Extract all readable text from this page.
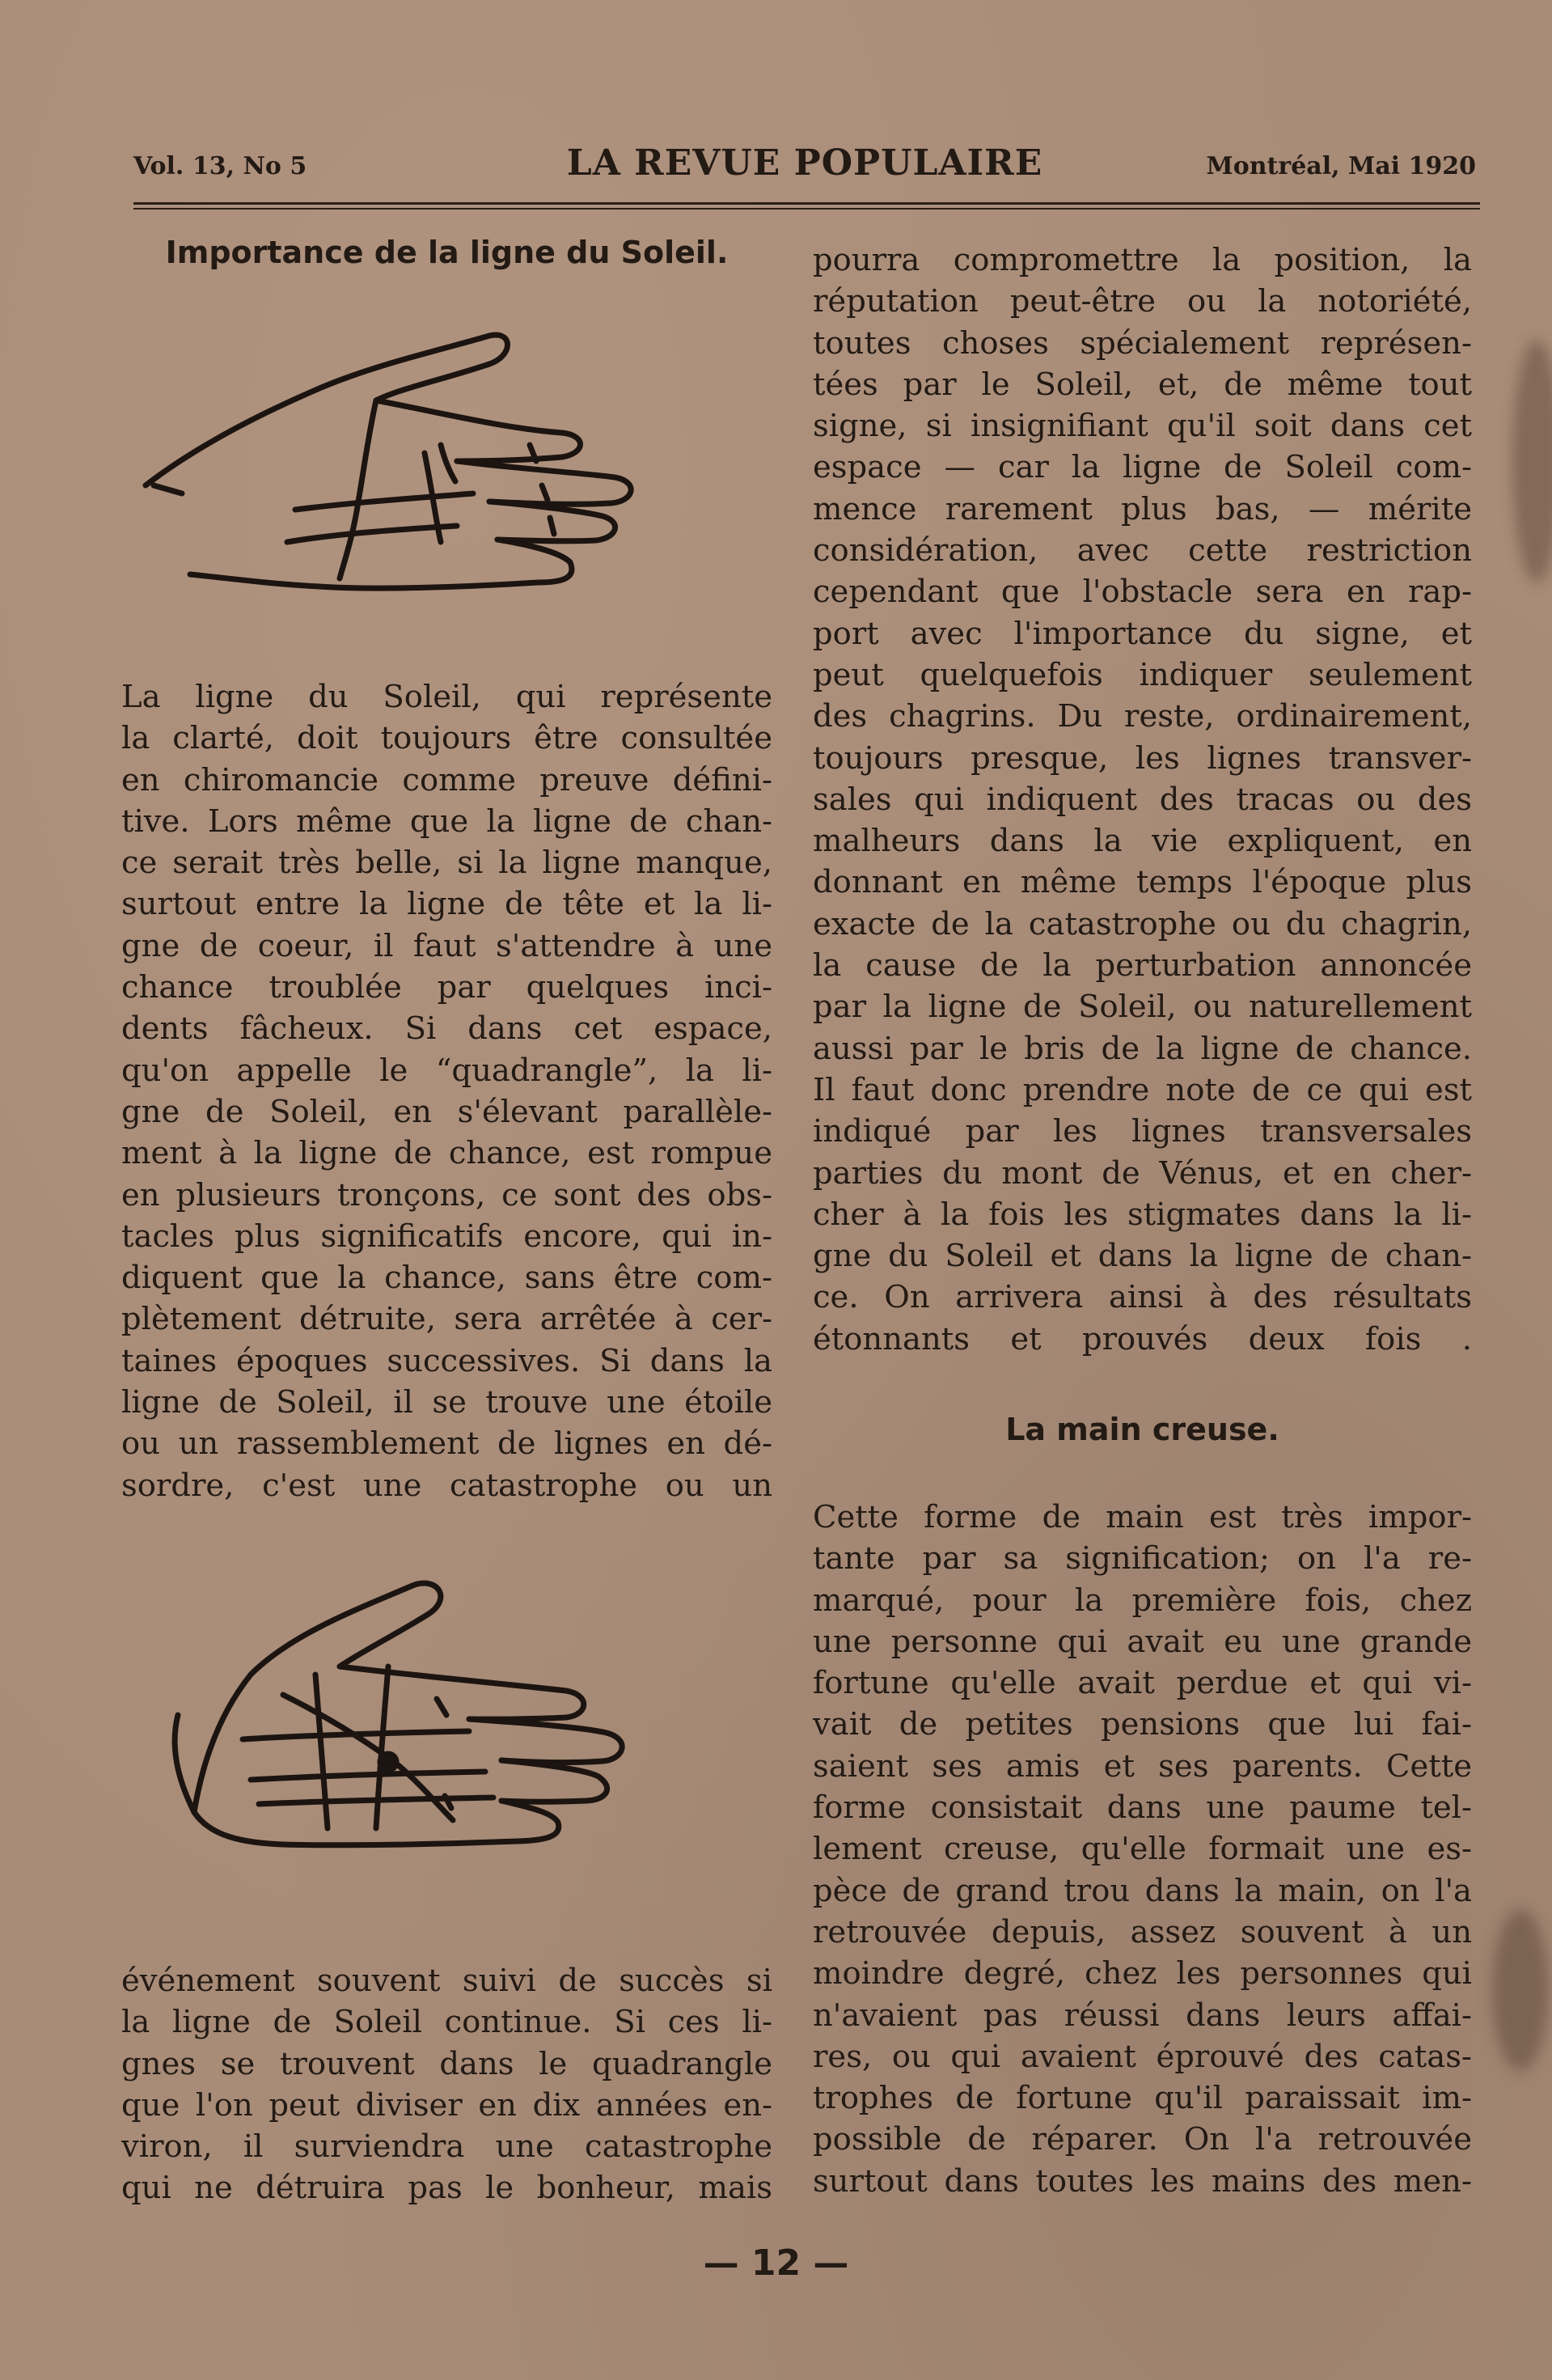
Vol. 13, No 5	LA REVUE POPULAIRE	Montréal, Mai 1920
Importance de la ligne du Soleil.
La ligne du Soleil, qui représente
la clarté, doit toujours être consultée
en chiromancie comme preuve défini-
tive. Lors même que la ligne de chan-
ce serait très belle, si la ligne manque,
surtout entre la ligne de tête et la li-
gne de coeur, il faut s'attendre à une
chance troublée par quelques inci-
dents fâcheux. Si dans cet espace,
qu'on appelle le “quadrangle”, la li-
gne de Soleil, en s'élevant parallèle-
ment à la ligne de chance, est rompue
en plusieurs tronçons, ce sont des obs-
tacles plus significatifs encore, qui in-
diquent que la chance, sans être com-
plètement détruite, sera arrêtée à cer-
taines époques successives. Si dans la
ligne de Soleil, il se trouve une étoile
ou un rassemblement de lignes en dé-
sordre, c'est une catastrophe ou un
événement souvent suivi de succès si
la ligne de Soleil continue. Si ces li-
gnes se trouvent dans le quadrangle
que l'on peut diviser en dix années en-
viron, il surviendra une catastrophe
qui ne détruira pas le bonheur, mais
pourra compromettre la position, la
réputation peut-être ou la notoriété,
toutes choses spécialement représen-
tées par le Soleil, et, de même tout
signe, si insignifiant qu'il soit dans cet
espace — car la ligne de Soleil com-
mence rarement plus bas, — mérite
considération, avec cette restriction
cependant que l'obstacle sera en rap-
port avec l'importance du signe, et
peut quelquefois indiquer seulement
des chagrins. Du reste, ordinairement,
toujours presque, les lignes transver-
sales qui indiquent des tracas ou des
malheurs dans la vie expliquent, en
donnant en même temps l'époque plus
exacte de la catastrophe ou du chagrin,
la cause de la perturbation annoncée
par la ligne de Soleil, ou naturellement
aussi par le bris de la ligne de chance.
Il faut donc prendre note de ce qui est
indiqué par les lignes transversales
parties du mont de Vénus, et en cher-
cher à la fois les stigmates dans la li-
gne du Soleil et dans la ligne de chan-
ce. On arrivera ainsi à des résultats
étonnants et prouvés deux fois .
La main creuse.
Cette forme de main est très impor-
tante par sa signification; on l'a re-
marqué, pour la première fois, chez
une personne qui avait eu une grande
fortune qu'elle avait perdue et qui vi-
vait de petites pensions que lui fai-
saient ses amis et ses parents. Cette
forme consistait dans une paume tel-
lement creuse, qu'elle formait une es-
pèce de grand trou dans la main, on l'a
retrouvée depuis, assez souvent à un
moindre degré, chez les personnes qui
n'avaient pas réussi dans leurs affai-
res, ou qui avaient éprouvé des catas-
trophes de fortune qu'il paraissait im-
possible de réparer. On l'a retrouvée
surtout dans toutes les mains des men-
— 12 —
